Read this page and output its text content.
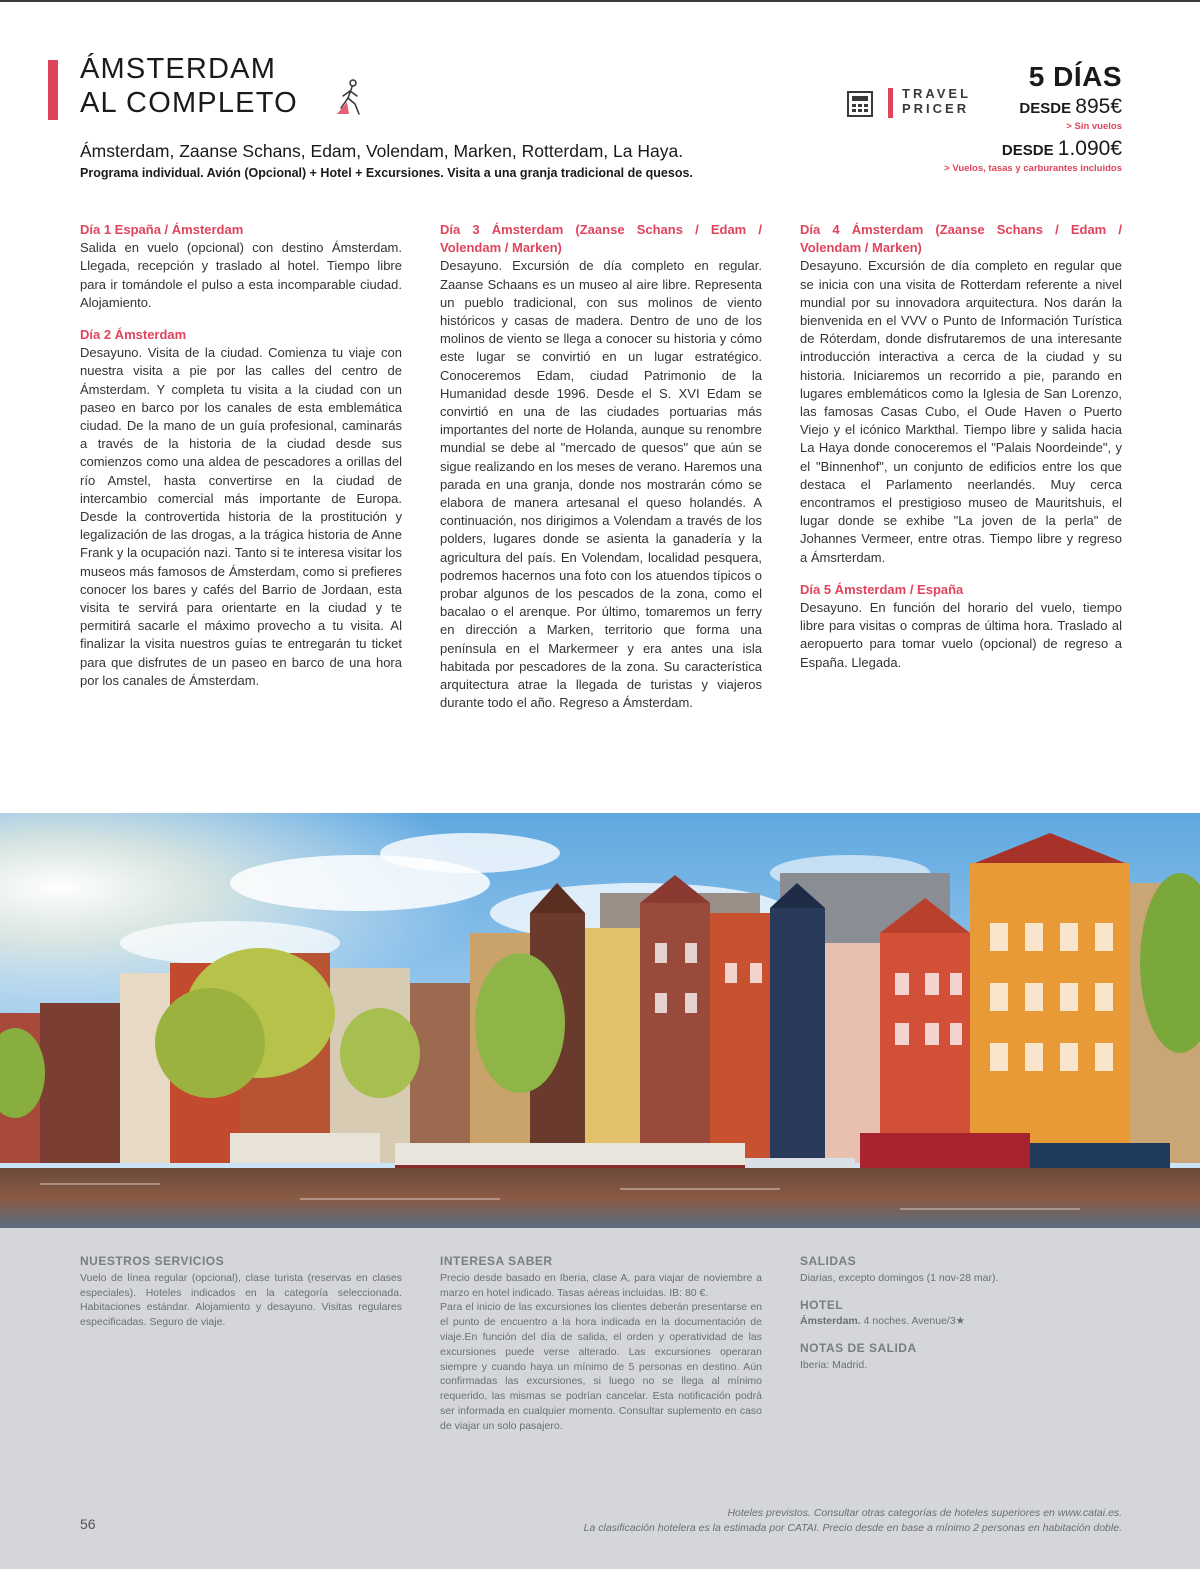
ÁMSTERDAM
AL COMPLETO	TRAVEL
PRICER
5 DÍAS
DESDE 895€
> Sin vuelos
DESDE 1.090€
> Vuelos, tasas y carburantes incluidos
Ámsterdam, Zaanse Schans, Edam, Volendam, Marken, Rotterdam, La Haya.
Programa individual. Avión (Opcional) + Hotel + Excursiones. Visita a una granja tradicional de quesos.

Día 1 España / Ámsterdam

Salida en vuelo (opcional) con destino Ámsterdam. Llegada, recepción y traslado al hotel. Tiempo libre para ir tomándole el pulso a esta incomparable ciudad. Alojamiento.

Día 2 Ámsterdam

Desayuno. Visita de la ciudad. Comienza tu viaje con nuestra visita a pie por las calles del centro de Ámsterdam. Y completa tu visita a la ciudad con un paseo en barco por los canales de esta emblemática ciudad. De la mano de un guía profesional, caminarás a través de la historia de la ciudad desde sus comienzos como una aldea de pescadores a orillas del río Amstel, hasta convertirse en la ciudad de intercambio comercial más importante de Europa. Desde la controvertida historia de la prostitución y legalización de las drogas, a la trágica historia de Anne Frank y la ocupación nazi. Tanto si te interesa visitar los museos más famosos de Ámsterdam, como si prefieres conocer los bares y cafés del Barrio de Jordaan, esta visita te servirá para orientarte en la ciudad y te permitirá sacarle el máximo provecho a tu visita. Al finalizar la visita nuestros guías te entregarán tu ticket para que disfrutes de un paseo en barco de una hora por los canales de Ámsterdam.

Día 3 Ámsterdam (Zaanse Schans / Edam / Volendam / Marken)

Desayuno. Excursión de día completo en regular. Zaanse Schaans es un museo al aire libre. Representa un pueblo tradicional, con sus molinos de viento históricos y casas de madera. Dentro de uno de los molinos de viento se llega a conocer su historia y cómo este lugar se convirtió en un lugar estratégico. Conoceremos Edam, ciudad Patrimonio de la Humanidad desde 1996. Desde el S. XVI Edam se convirtió en una de las ciudades portuarias más importantes del norte de Holanda, aunque su renombre mundial se debe al "mercado de quesos" que aún se sigue realizando en los meses de verano. Haremos una parada en una granja, donde nos mostrarán cómo se elabora de manera artesanal el queso holandés. A continuación, nos dirigimos a Volendam a través de los polders, lugares donde se asienta la ganadería y la agricultura del país. En Volendam, localidad pesquera, podremos hacernos una foto con los atuendos típicos o probar algunos de los pescados de la zona, como el bacalao o el arenque. Por último, tomaremos un ferry en dirección a Marken, territorio que forma una península en el Markermeer y era antes una isla habitada por pescadores de la zona. Su característica arquitectura atrae la llegada de turistas y viajeros durante todo el año. Regreso a Ámsterdam.

Día 4 Ámsterdam (Zaanse Schans / Edam / Volendam / Marken)

Desayuno. Excursión de día completo en regular que se inicia con una visita de Rotterdam referente a nivel mundial por su innovadora arquitectura. Nos darán la bienvenida en el VVV o Punto de Información Turística de Róterdam, donde disfrutaremos de una interesante introducción interactiva a cerca de la ciudad y su historia. Iniciaremos un recorrido a pie, parando en lugares emblemáticos como la Iglesia de San Lorenzo, las famosas Casas Cubo, el Oude Haven o Puerto Viejo y el icónico Markthal. Tiempo libre y salida hacia La Haya donde conoceremos el "Palais Noordeinde", y el "Binnenhof", un conjunto de edificios entre los que destaca el Parlamento neerlandés. Muy cerca encontramos el prestigioso museo de Mauritshuis, el lugar donde se exhibe "La joven de la perla" de Johannes Vermeer, entre otras. Tiempo libre y regreso a Ámsrterdam.

Día 5 Ámsterdam / España

Desayuno. En función del horario del vuelo, tiempo libre para visitas o compras de última hora. Traslado al aeropuerto para tomar vuelo (opcional) de regreso a España. Llegada.

NUESTROS SERVICIOS

Vuelo de línea regular (opcional), clase turista (reservas en clases especiales). Hoteles indicados en la categoría seleccionada. Habitaciones estándar. Alojamiento y desayuno. Visitas regulares especificadas. Seguro de viaje.

INTERESA SABER

Precio desde basado en Iberia, clase A, para viajar de noviembre a marzo en hotel indicado. Tasas aéreas incluidas. IB: 80 €.

Para el inicio de las excursiones los clientes deberán presentarse en el punto de encuentro a la hora indicada en la documentación de viaje.En función del día de salida, el orden y operatividad de las excursiones puede verse alterado. Las excursiones operaran siempre y cuando haya un mínimo de 5 personas en destino. Aún confirmadas las excursiones, si luego no se llega al mínimo requerido, las mismas se podrían cancelar. Esta notificación podrá ser informada en cualquier momento. Consultar suplemento en caso de viajar un solo pasajero.

SALIDAS

Diarias, excepto domingos (1 nov-28 mar).

HOTEL

Ámsterdam. 4 noches. Avenue/3★

NOTAS DE SALIDA

Iberia: Madrid.

56
Hoteles previstos. Consultar otras categorías de hoteles superiores en www.catai.es.
La clasificación hotelera es la estimada por CATAI. Precio desde en base a mínimo 2 personas en habitación doble.
